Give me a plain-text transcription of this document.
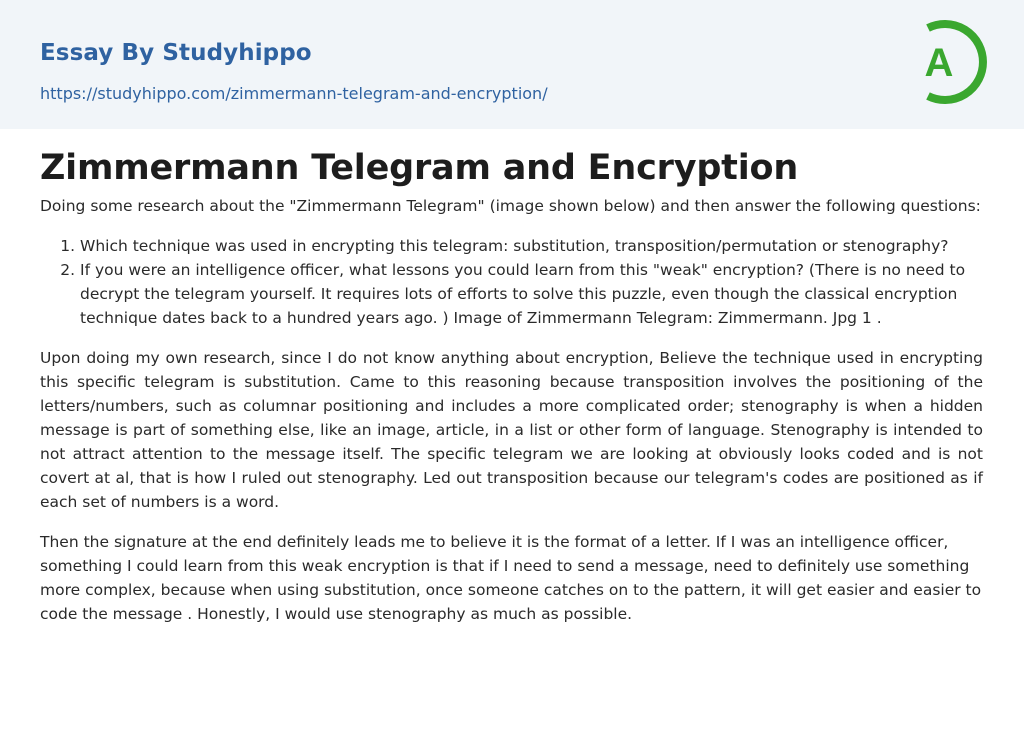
Essay By Studyhippo
https://studyhippo.com/zimmermann-telegram-and-encryption/
A
Zimmermann Telegram and Encryption

Doing some research about the "Zimmermann Telegram" (image shown below) and then answer the following questions:

1. Which technique was used in encrypting this telegram: substitution, transposition/permutation or stenography?
2. If you were an intelligence officer, what lessons you could learn from this "weak" encryption? (There is no need to decrypt the telegram yourself. It requires lots of efforts to solve this puzzle, even though the classical encryption technique dates back to a hundred years ago. ) Image of Zimmermann Telegram: Zimmermann. Jpg 1 .

Upon doing my own research, since I do not know anything about encryption, Believe the technique used in encrypting this specific telegram is substitution. Came to this reasoning because transposition involves the positioning of the letters/numbers, such as columnar positioning and includes a more complicated order; stenography is when a hidden message is part of something else, like an image, article, in a list or other form of language. Stenography is intended to not attract attention to the message itself. The specific telegram we are looking at obviously looks coded and is not covert at al, that is how I ruled out stenography. Led out transposition because our telegram's codes are positioned as if each set of numbers is a word.

Then the signature at the end definitely leads me to believe it is the format of a letter. If I was an intelligence officer, something I could learn from this weak encryption is that if I need to send a message, need to definitely use something more complex, because when using substitution, once someone catches on to the pattern, it will get easier and easier to code the message . Honestly, I would use stenography as much as possible.
